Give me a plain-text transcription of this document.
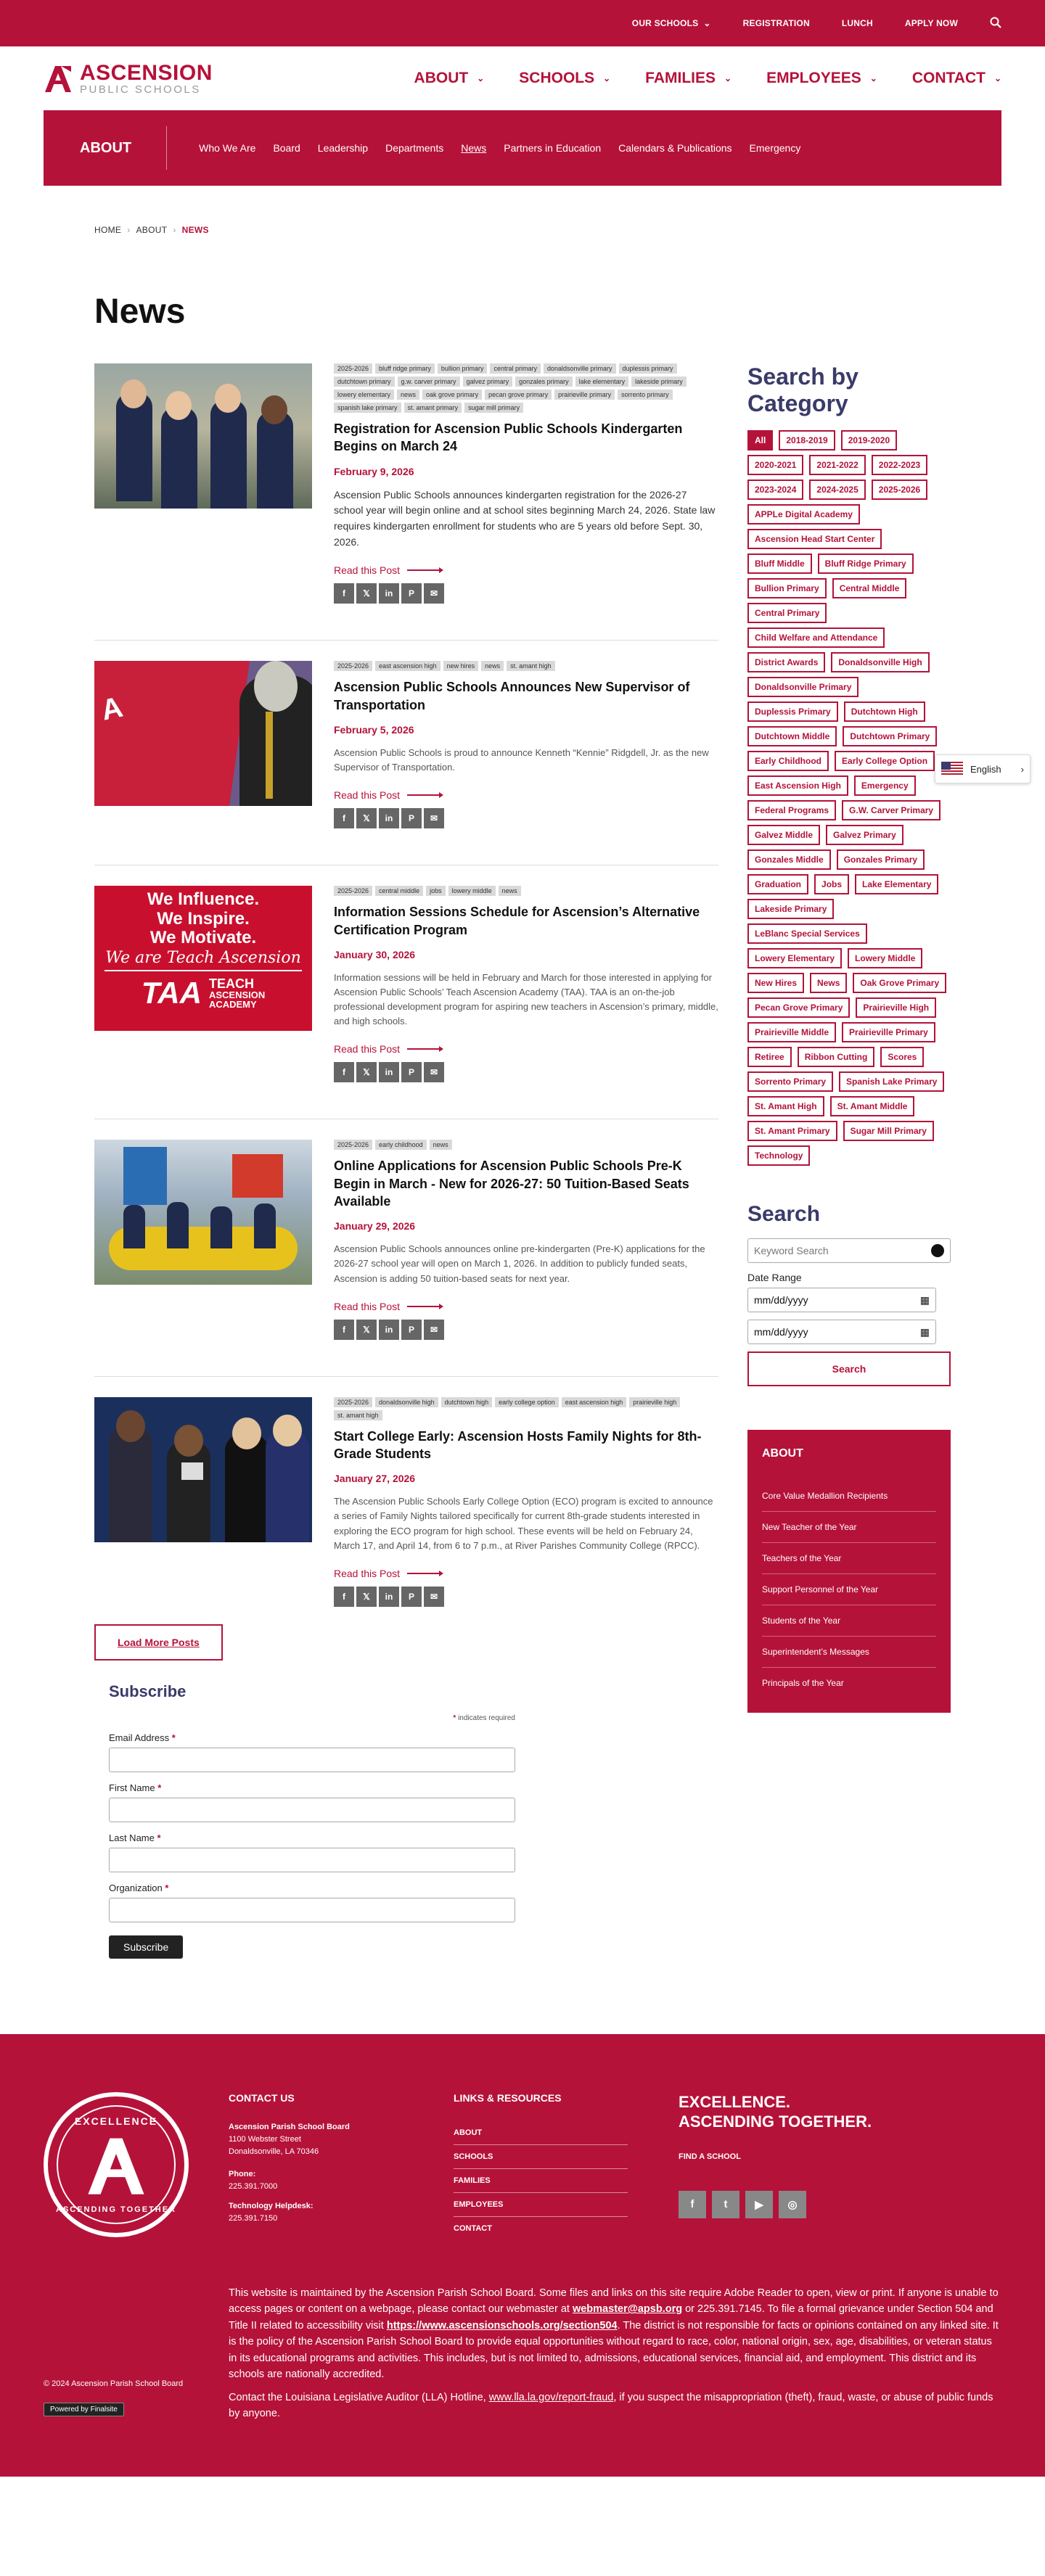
OUR SCHOOLS  ⌄	REGISTRATION	LUNCH	APPLY NOW
ASCENSION
PUBLIC SCHOOLS
ABOUT ⌄ SCHOOLS ⌄ FAMILIES ⌄ EMPLOYEES ⌄ CONTACT ⌄
ABOUT	Who We Are Board Leadership Departments News Partners in Education Calendars & Publications Emergency
HOME › ABOUT › NEWS
News
2025-2026	bluff ridge primary	bullion primary	central primary	donaldsonville primary	duplessis primary
dutchtown primary	g.w. carver primary	galvez primary	gonzales primary	lake elementary	lakeside primary
lowery elementary	news	oak grove primary	pecan grove primary	prairieville primary	sorrento primary
spanish lake primary	st. amant primary	sugar mill primary
Registration for Ascension Public Schools Kindergarten Begins on March 24
February 9, 2026

Ascension Public Schools announces kindergarten registration for the 2026-27 school year will begin online and at school sites beginning March 24, 2026. State law requires kindergarten enrollment for students who are 5 years old before Sept. 30, 2026.

Read this Post
f	𝕏	in	P	✉
A
2025-2026	east ascension high	new hires	news	st. amant high
Ascension Public Schools Announces New Supervisor of Transportation
February 5, 2026

Ascension Public Schools is proud to announce Kenneth “Kennie” Ridgdell, Jr. as the new Supervisor of Transportation.

Read this Post
f	𝕏	in	P	✉
We Influence.
We Inspire.
We Motivate.
We are Teach Ascension
TAA TEACH
ASCENSION
ACADEMY
2025-2026	central middle	jobs	lowery middle	news
Information Sessions Schedule for Ascension’s Alternative Certification Program
January 30, 2026

Information sessions will be held in February and March for those interested in applying for Ascension Public Schools’ Teach Ascension Academy (TAA). TAA is an on-the-job professional development program for aspiring new teachers in Ascension’s primary, middle, and high schools.

Read this Post
f	𝕏	in	P	✉
2025-2026	early childhood	news
Online Applications for Ascension Public Schools Pre-K Begin in March - New for 2026-27: 50 Tuition-Based Seats Available
January 29, 2026

Ascension Public Schools announces online pre-kindergarten (Pre-K) applications for the 2026-27 school year will open on March 1, 2026. In addition to publicly funded seats, Ascension is adding 50 tuition-based seats for next year.

Read this Post
f	𝕏	in	P	✉
2025-2026	donaldsonville high	dutchtown high	early college option	east ascension high	prairieville high
st. amant high
Start College Early: Ascension Hosts Family Nights for 8th-Grade Students
January 27, 2026

The Ascension Public Schools Early College Option (ECO) program is excited to announce a series of Family Nights tailored specifically for current 8th-grade students interested in exploring the ECO program for high school. These events will be held on February 24, March 17, and April 14, from 6 to 7 p.m., at River Parishes Community College (RPCC).

Read this Post
f	𝕏	in	P	✉
Load More Posts
Subscribe
* indicates required
Email Address *
First Name *
Last Name *
Organization *
Subscribe
Search by Category
All	2018-2019	2019-2020
2020-2021	2021-2022	2022-2023
2023-2024	2024-2025	2025-2026
APPLe Digital Academy
Ascension Head Start Center
Bluff Middle	Bluff Ridge Primary
Bullion Primary	Central Middle
Central Primary
Child Welfare and Attendance
District Awards	Donaldsonville High
Donaldsonville Primary
Duplessis Primary	Dutchtown High
Dutchtown Middle	Dutchtown Primary
Early Childhood	Early College Option
East Ascension High	Emergency
Federal Programs	G.W. Carver Primary
Galvez Middle	Galvez Primary
Gonzales Middle	Gonzales Primary
Graduation	Jobs	Lake Elementary
Lakeside Primary
LeBlanc Special Services
Lowery Elementary	Lowery Middle
New Hires	News	Oak Grove Primary
Pecan Grove Primary	Prairieville High
Prairieville Middle	Prairieville Primary
Retiree	Ribbon Cutting	Scores
Sorrento Primary	Spanish Lake Primary
St. Amant High	St. Amant Middle
St. Amant Primary	Sugar Mill Primary
Technology
Search
Keyword Search
Date Range
mm/dd/yyyy	▦
mm/dd/yyyy	▦
Search
ABOUT
Core Value Medallion Recipients
New Teacher of the Year
Teachers of the Year
Support Personnel of the Year
Students of the Year
Superintendent’s Messages
Principals of the Year
English ›
EXCELLENCE
ASCENDING TOGETHER
CONTACT US

Ascension Parish School Board

1100 Webster Street

Donaldsonville, LA 70346

Phone:

225.391.7000

Technology Helpdesk:

225.391.7150

LINKS & RESOURCES
ABOUT
SCHOOLS
FAMILIES
EMPLOYEES
CONTACT
EXCELLENCE.
ASCENDING TOGETHER.

FIND A SCHOOL

f	t	▶	◎

This website is maintained by the Ascension Parish School Board. Some files and links on this site require Adobe Reader to open, view or print. If anyone is unable to access pages or content on a webpage, please contact our webmaster at webmaster@apsb.org or 225.391.7145. To file a formal grievance under Section 504 and Title II related to accessibility visit https://www.ascensionschools.org/section504. The district is not responsible for facts or opinions contained on any linked site. It is the policy of the Ascension Parish School Board to provide equal opportunities without regard to race, color, national origin, sex, age, disabilities, or veteran status in its educational programs and activities. This includes, but is not limited to, admissions, educational services, financial aid, and employment. This district and its schools are nationally accredited.

Contact the Louisiana Legislative Auditor (LLA) Hotline, www.lla.la.gov/report-fraud, if you suspect the misappropriation (theft), fraud, waste, or abuse of public funds by anyone.

© 2024 Ascension Parish School Board
Powered by Finalsite
